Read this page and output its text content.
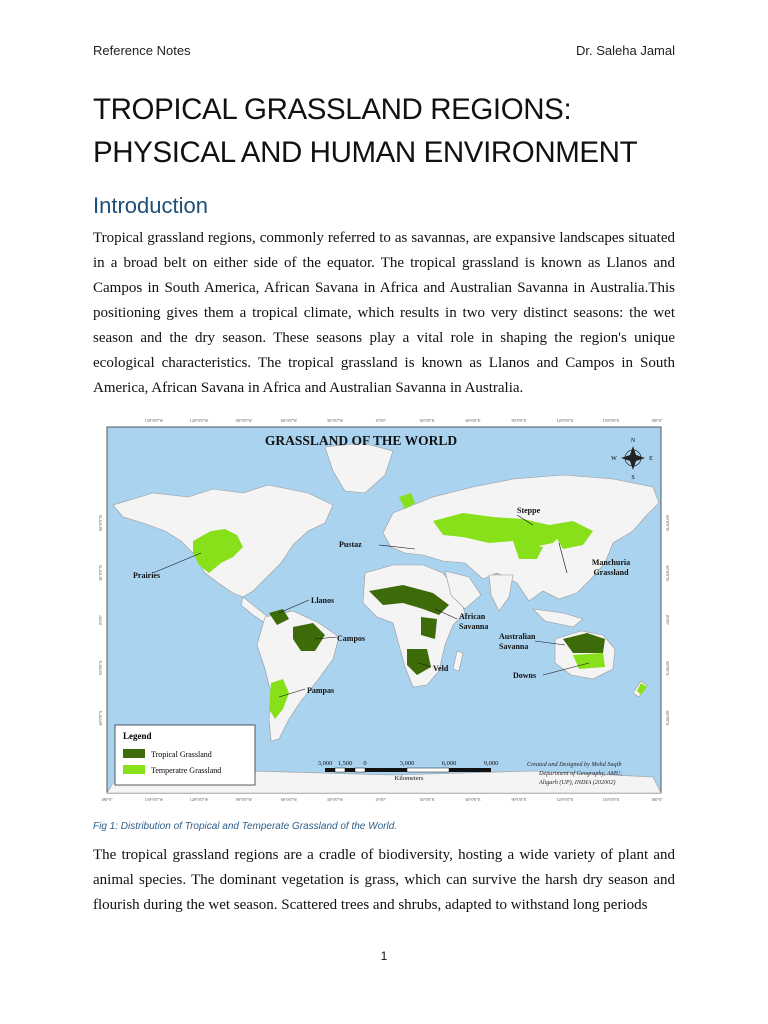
Reference Notes	Dr. Saleha Jamal
TROPICAL GRASSLAND REGIONS:
PHYSICAL AND HUMAN ENVIRONMENT
Introduction

Tropical grassland regions, commonly referred to as savannas, are expansive landscapes situated in a broad belt on either side of the equator. The tropical grassland is known as Llanos and Campos in South America, African Savana in Africa and Australian Savanna in Australia.This positioning gives them a tropical climate, which results in two very distinct seasons: the wet season and the dry season. These seasons play a vital role in shaping the region's unique ecological characteristics. The tropical grassland is known as Llanos and Campos in South America, African Savana in Africa and Australian Savanna in Australia.

150°0'0"W	120°0'0"W	90°0'0"W	60°0'0"W	30°0'0"W	0°0'0"	30°0'0"E	60°0'0"E	90°0'0"E	120°0'0"E	150°0'0"E	180°0"
180°0"	150°0'0"W	120°0'0"W	90°0'0"W	60°0'0"W	30°0'0"W	0°0'0"	30°0'0"E	60°0'0"E	90°0'0"E	120°0'0"E	150°0'0"E	180°0"
60°0'0"N
30°0'0"N
0°0'0"
30°0'0"S
60°0'0"S
60°0'0"N
30°0'0"N
0°0'0"
30°0'0"S
60°0'0"S
GRASSLAND OF THE WORLD	N
S
E
W
Steppe
Pustaz
Prairies
Manchuria
Grassland
Llanos
African
Savanna
Campos	Australian
Savanna
Veld
Downs
Pampas
Legend
Tropical Grassland
Temperatre Grassland
3,000 1,500 0	3,000	6,000	9,000
Kilometers
Created and Designed by Mohd Saqib
Department of Geography, AMU,
Aligarh (UP), INDIA (202002)
Fig 1: Distribution of Tropical and Temperate Grassland of the World.

The tropical grassland regions are a cradle of biodiversity, hosting a wide variety of plant and animal species. The dominant vegetation is grass, which can survive the harsh dry season and flourish during the wet season. Scattered trees and shrubs, adapted to withstand long periods

1
